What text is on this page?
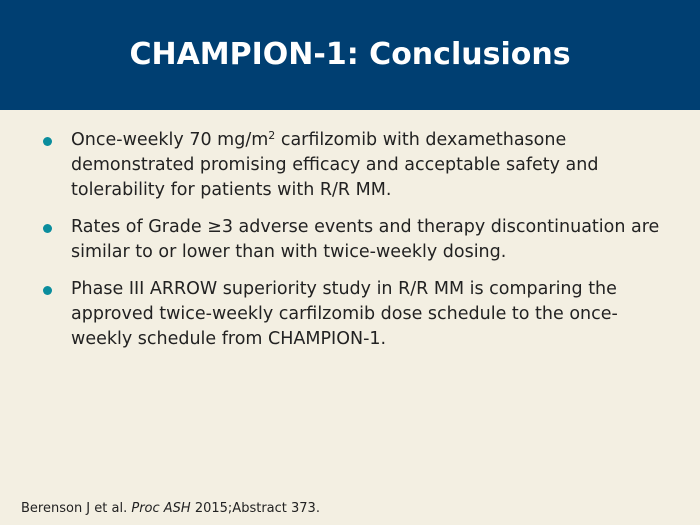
CHAMPION-1: Conclusions
Once-weekly 70 $mg/m^2$ carfilzomib with dexamethasone demonstrated promising efficacy and acceptable safety and tolerability for patients with R/R MM.
Rates of Grade ≥3 adverse events and therapy discontinuation are similar to or lower than with twice-weekly dosing.
Phase III ARROW superiority study in R/R MM is comparing the approved twice-weekly carfilzomib dose schedule to the once-weekly schedule from CHAMPION-1.
Berenson J et al. Proc ASH 2015;Abstract 373.
